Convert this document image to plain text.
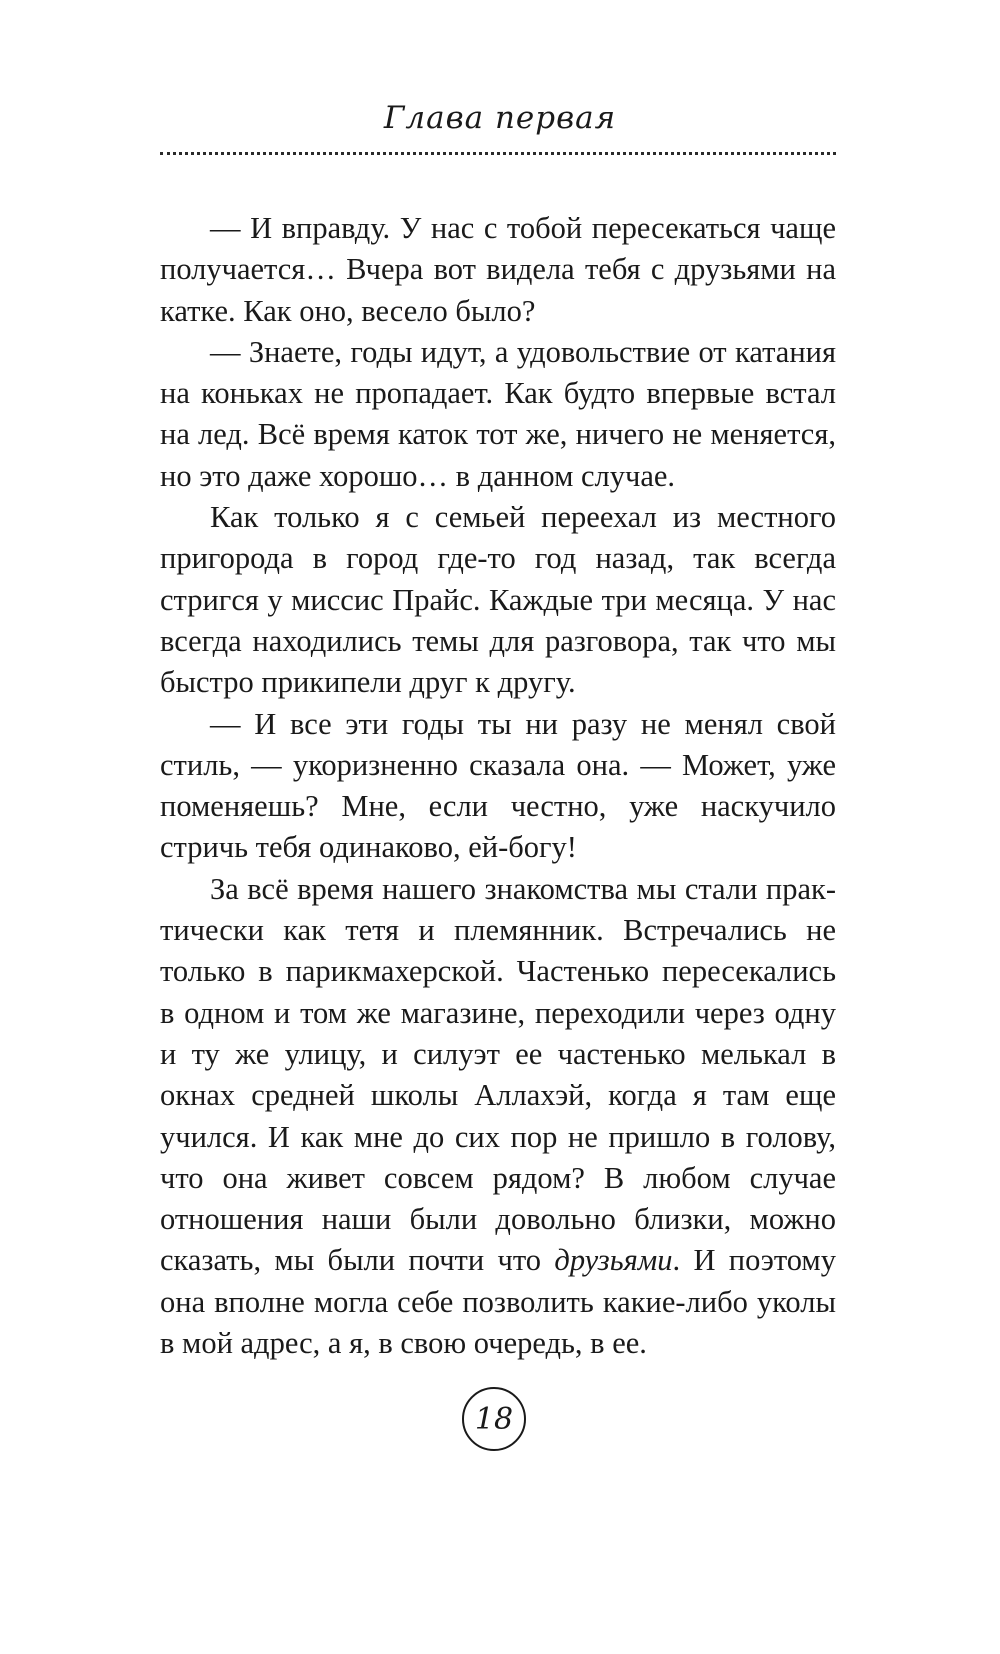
Глава первая

— И вправду. У нас с тобой пересекаться чаще получается… Вчера вот видела тебя с друзьями на катке. Как оно, весело было?

— Знаете, годы идут, а удовольствие от катания на коньках не пропадает. Как будто впервые встал на лед. Всё время каток тот же, ничего не меняется, но это даже хорошо… в данном случае.

Как только я с семьей переехал из местного пригорода в город где-то год назад, так всегда стригся у миссис Прайс. Каждые три месяца. У нас всегда находились темы для разговора, так что мы быстро прикипели друг к другу.

— И все эти годы ты ни разу не менял свой стиль, — укоризненно сказала она. — Может, уже поменяешь? Мне, если честно, уже наскучило стричь тебя одинаково, ей-богу!

За всё время нашего знакомства мы стали практически как тетя и племянник. Встречались не только в парикмахерской. Частенько пересекались в одном и том же магазине, переходили через одну и ту же улицу, и силуэт ее частенько мелькал в окнах средней школы Аллахэй, когда я там еще учился. И как мне до сих пор не пришло в голову, что она живет совсем рядом? В любом случае отношения наши были довольно близки, можно сказать, мы были почти что друзьями. И поэтому она вполне могла себе позволить какие-либо уколы в мой адрес, а я, в свою очередь, в ее.

18
